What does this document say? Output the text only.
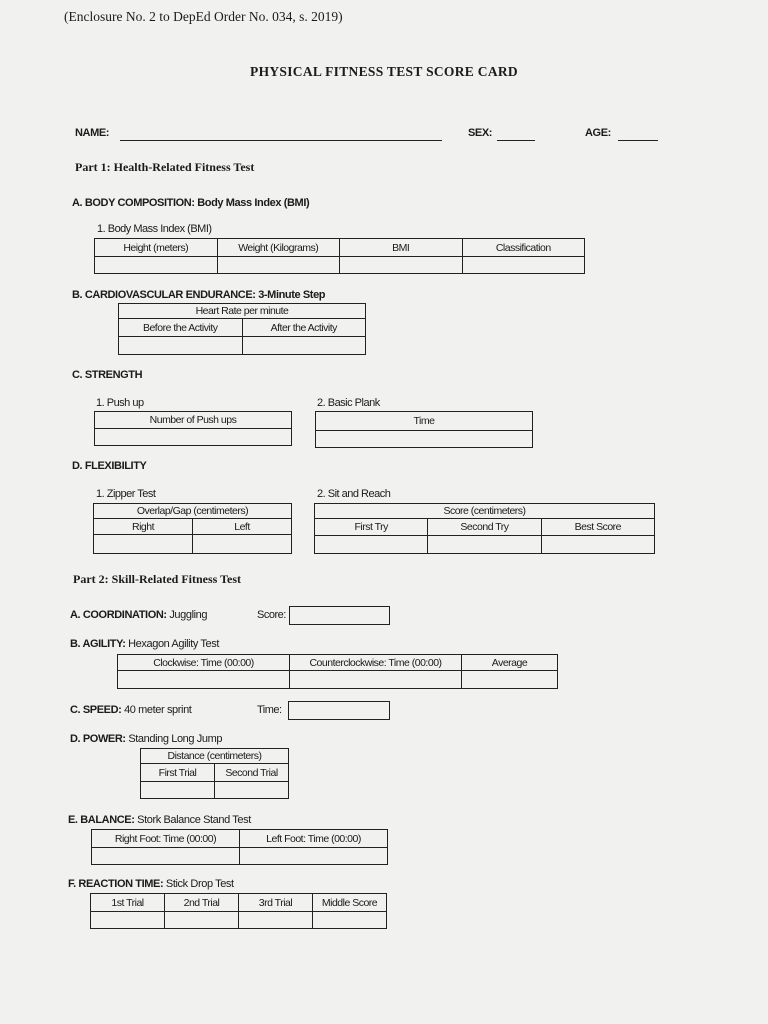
(Enclosure No. 2 to DepEd Order No. 034, s. 2019)
PHYSICAL FITNESS TEST SCORE CARD
NAME:	SEX:	AGE:
Part 1: Health-Related Fitness Test
A. BODY COMPOSITION: Body Mass Index (BMI)
1. Body Mass Index (BMI)
Height (meters)	Weight (Kilograms)	BMI	Classification

B. CARDIOVASCULAR ENDURANCE: 3-Minute Step
Heart Rate per minute	
Before the Activity	After the Activity

C. STRENGTH
1. Push up
Number of Push ups

2. Basic Plank
Time

D. FLEXIBILITY
1. Zipper Test
Overlap/Gap (centimeters)	
Right	Left

2. Sit and Reach
Score (centimeters)		
First Try	Second Try	Best Score

Part 2: Skill-Related Fitness Test
A. COORDINATION: Juggling	Score:
B. AGILITY: Hexagon Agility Test
Clockwise: Time (00:00)	Counterclockwise: Time (00:00)	Average

C. SPEED: 40 meter sprint	Time:
D. POWER: Standing Long Jump
Distance (centimeters)	
First Trial	Second Trial

E. BALANCE: Stork Balance Stand Test
Right Foot: Time (00:00)	Left Foot: Time (00:00)

F. REACTION TIME: Stick Drop Test
1st Trial	2nd Trial	3rd Trial	Middle Score
